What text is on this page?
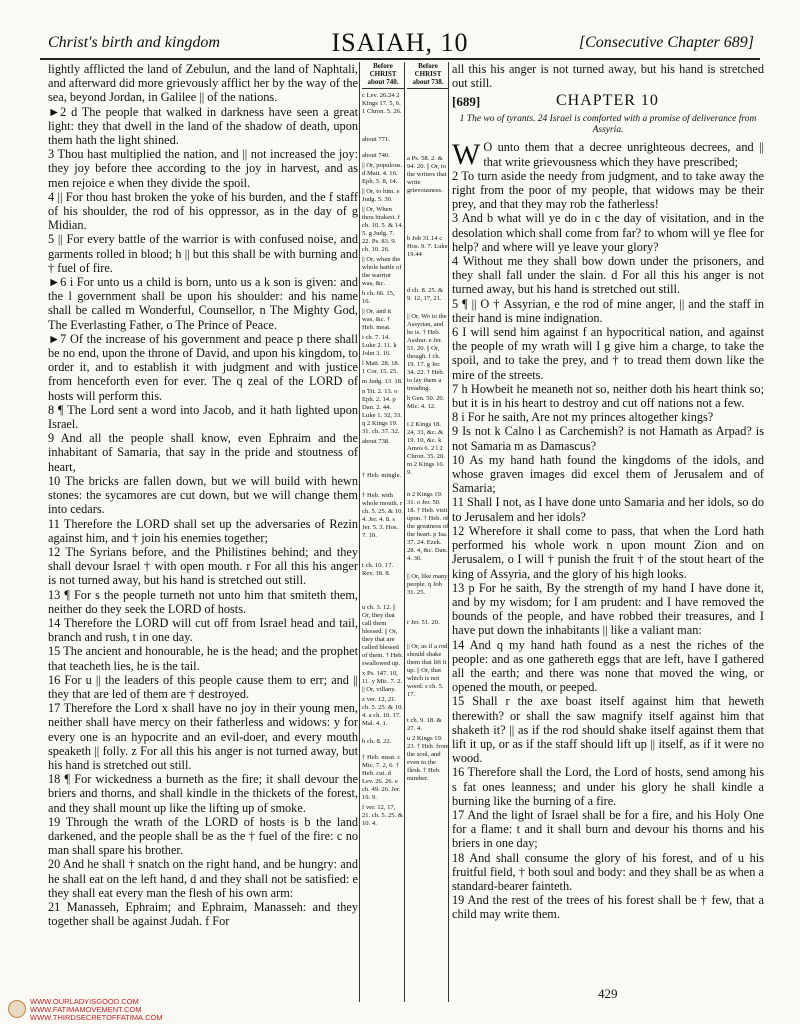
Christ's birth and kingdom	ISAIAH, 10	[Consecutive Chapter 689]

lightly afflicted the land of Zebulun, and the land of Naphtali, and afterward did more grievously afflict her by the way of the sea, beyond Jordan, in Galilee || of the nations.

►2 d The people that walked in darkness have seen a great light: they that dwell in the land of the shadow of death, upon them hath the light shined.

3 Thou hast multiplied the nation, and || not increased the joy: they joy before thee according to the joy in harvest, and as men rejoice e when they divide the spoil.

4 || For thou hast broken the yoke of his burden, and the f staff of his shoulder, the rod of his oppressor, as in the day of g Midian.

5 || For every battle of the warrior is with confused noise, and garments rolled in blood; h || but this shall be with burning and † fuel of fire.

►6 i For unto us a child is born, unto us a k son is given: and the l government shall be upon his shoulder: and his name shall be called m Wonderful, Counsellor, n The Mighty God, The Everlasting Father, o The Prince of Peace.

►7 Of the increase of his government and peace p there shall be no end, upon the throne of David, and upon his kingdom, to order it, and to establish it with judgment and with justice from henceforth even for ever. The q zeal of the LORD of hosts will perform this.

8 ¶ The Lord sent a word into Jacob, and it hath lighted upon Israel.

9 And all the people shall know, even Ephraim and the inhabitant of Samaria, that say in the pride and stoutness of heart,

10 The bricks are fallen down, but we will build with hewn stones: the sycamores are cut down, but we will change them into cedars.

11 Therefore the LORD shall set up the adversaries of Rezin against him, and † join his enemies together;

12 The Syrians before, and the Philistines behind; and they shall devour Israel † with open mouth. r For all this his anger is not turned away, but his hand is stretched out still.

13 ¶ For s the people turneth not unto him that smiteth them, neither do they seek the LORD of hosts.

14 Therefore the LORD will cut off from Israel head and tail, branch and rush, t in one day.

15 The ancient and honourable, he is the head; and the prophet that teacheth lies, he is the tail.

16 For u || the leaders of this people cause them to err; and || they that are led of them are † destroyed.

17 Therefore the Lord x shall have no joy in their young men, neither shall have mercy on their fatherless and widows: y for every one is an hypocrite and an evil-doer, and every mouth speaketh || folly. z For all this his anger is not turned away, but his hand is stretched out still.

18 ¶ For wickedness a burneth as the fire; it shall devour the briers and thorns, and shall kindle in the thickets of the forest, and they shall mount up like the lifting up of smoke.

19 Through the wrath of the LORD of hosts is b the land darkened, and the people shall be as the † fuel of the fire: c no man shall spare his brother.

20 And he shall † snatch on the right hand, and be hungry: and he shall eat on the left hand, d and they shall not be satisfied: e they shall eat every man the flesh of his own arm:

21 Manasseh, Ephraim; and Ephraim, Manasseh: and they together shall be against Judah. f For

Before CHRIST about 740.
c Lev. 26.24 2 Kings 17. 5, 6. 1 Chron. 5. 26.
about 771.
about 740.
|| Or, populous. d Matt. 4. 16. Eph. 5. 8, 14.
|| Or, to him. e Judg. 5. 30.
|| Or, When thou brakest. f ch. 10. 5. & 14. 5. g Judg. 7. 22. Ps. 83. 9. ch. 10. 26.
|| Or, when the whole battle of the warrior was, &c.
h ch. 66. 15, 16.
|| Or, and it was, &c. † Heb. meat.
i ch. 7. 14. Luke 2. 11. k John 3. 16.
l Matt. 28. 18. 1 Cor. 15. 25.
m Judg. 13. 18.
n Tit. 2. 13. o Eph. 2. 14. p Dan. 2. 44. Luke 1. 32, 33. q 2 Kings 19. 31. ch. 37. 32.
about 738.
† Heb. mingle.
† Heb. with whole mouth. r ch. 5. 25. & 10. 4. Jer. 4. 8. s Jer. 5. 3. Hos. 7. 10.
t ch. 10. 17. Rev. 18. 8.
u ch. 3. 12. || Or, they that call them blessed. || Or, they that are called blessed of them. † Heb. swallowed up.
x Ps. 147. 10, 11. y Mic. 7. 2. || Or, villany.
z ver. 12, 21. ch. 5. 25. & 10. 4. a ch. 10. 17. Mal. 4. 1.
b ch. 8. 22.
† Heb. meat. c Mic. 7. 2, 6. † Heb. cut. d Lev. 26. 26. e ch. 49. 26. Jer. 19. 9.
f ver. 12, 17, 21. ch. 5. 25. & 10. 4.
Before CHRIST about 738.
a Ps. 58. 2. & 94. 20. || Or, to the writers that write grievousness.
b Job 31.14 c Hos. 9. 7. Luke 19.44
d ch. 8. 25. & 9. 12, 17, 21.
|| Or, Wo to the Assyrian, and he is. † Heb. Asshur. e Jer. 51. 20. || Or, though. f ch. 19. 17. g Jer. 34. 22. † Heb. to lay them a treading.
h Gen. 50. 20. Mic. 4. 12.
i 2 Kings 18. 24, 33, &c. & 19. 10, &c. k Amos 6. 2 l 2 Chron. 35. 20. m 2 Kings 16. 9.
n 2 Kings 19. 31. o Jer. 50. 18. † Heb. visit upon. † Heb. of the greatness of the heart. p Isa. 37. 24. Ezek. 28. 4, &c. Dan. 4. 30.
|| Or, like many people. q Job 31. 25.
r Jer. 51. 20.
|| Or, as if a rod should shake them that lift it up. || Or, that which is not wood. s ch. 5. 17.
t ch. 9. 18. & 27. 4.
u 2 Kings 19. 23. † Heb. from the soul, and even to the flesh. † Heb. number.

all this his anger is not turned away, but his hand is stretched out still.

[689]	CHAPTER 10
1 The wo of tyrants. 24 Israel is comforted with a promise of deliverance from Assyria.

W O unto them that a decree unrighteous decrees, and || that write grievousness which they have prescribed;

2 To turn aside the needy from judgment, and to take away the right from the poor of my people, that widows may be their prey, and that they may rob the fatherless!

3 And b what will ye do in c the day of visitation, and in the desolation which shall come from far? to whom will ye flee for help? and where will ye leave your glory?

4 Without me they shall bow down under the prisoners, and they shall fall under the slain. d For all this his anger is not turned away, but his hand is stretched out still.

5 ¶ || O † Assyrian, e the rod of mine anger, || and the staff in their hand is mine indignation.

6 I will send him against f an hypocritical nation, and against the people of my wrath will I g give him a charge, to take the spoil, and to take the prey, and † to tread them down like the mire of the streets.

7 h Howbeit he meaneth not so, neither doth his heart think so; but it is in his heart to destroy and cut off nations not a few.

8 i For he saith, Are not my princes altogether kings?

9 Is not k Calno l as Carchemish? is not Hamath as Arpad? is not Samaria m as Damascus?

10 As my hand hath found the kingdoms of the idols, and whose graven images did excel them of Jerusalem and of Samaria;

11 Shall I not, as I have done unto Samaria and her idols, so do to Jerusalem and her idols?

12 Wherefore it shall come to pass, that when the Lord hath performed his whole work n upon mount Zion and on Jerusalem, o I will † punish the fruit † of the stout heart of the king of Assyria, and the glory of his high looks.

13 p For he saith, By the strength of my hand I have done it, and by my wisdom; for I am prudent: and I have removed the bounds of the people, and have robbed their treasures, and I have put down the inhabitants || like a valiant man:

14 And q my hand hath found as a nest the riches of the people: and as one gathereth eggs that are left, have I gathered all the earth; and there was none that moved the wing, or opened the mouth, or peeped.

15 Shall r the axe boast itself against him that heweth therewith? or shall the saw magnify itself against him that shaketh it? || as if the rod should shake itself against them that lift it up, or as if the staff should lift up || itself, as if it were no wood.

16 Therefore shall the Lord, the Lord of hosts, send among his s fat ones leanness; and under his glory he shall kindle a burning like the burning of a fire.

17 And the light of Israel shall be for a fire, and his Holy One for a flame: t and it shall burn and devour his thorns and his briers in one day;

18 And shall consume the glory of his forest, and of u his fruitful field, † both soul and body: and they shall be as when a standard-bearer fainteth.

19 And the rest of the trees of his forest shall be † few, that a child may write them.

429
WWW.OURLADYISGOOD.COM
WWW.FATIMAMOVEMENT.COM
WWW.THIRDSECRETOFFATIMA.COM
